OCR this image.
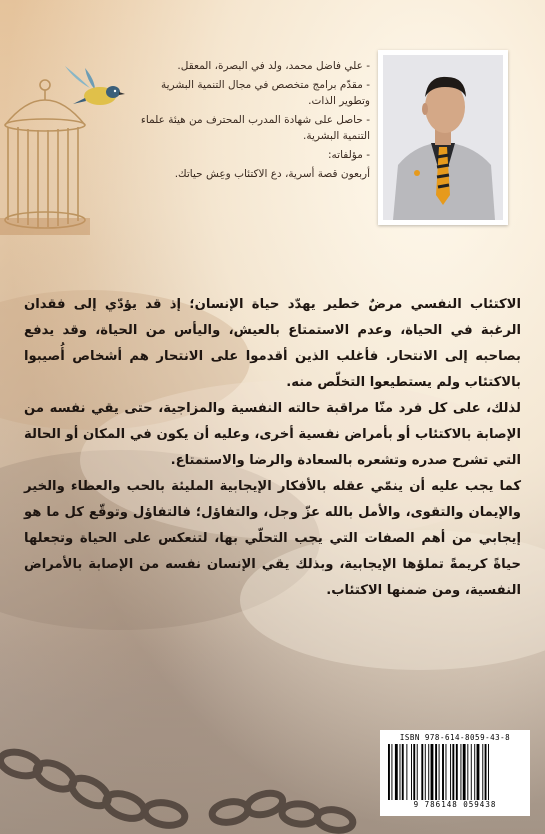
- علي فاضل محمد، ولد في البصرة، المعقل.

- مقدّم برامج متخصص في مجال التنمية البشرية وتطوير الذات.

- حاصل على شهادة المدرب المحترف من هيئة علماء التنمية البشرية.

- مؤلفاته:

أربعون قصة أسرية، دع الاكتئاب وعِش حياتك.

الاكتئاب النفسي مرضٌ خطير يهدّد حياة الإنسان؛ إذ قد يؤدّي إلى فقدان الرغبة في الحياة، وعدم الاستمتاع بالعيش، واليأس من الحياة، وقد يدفع بصاحبه إلى الانتحار. فأغلب الذين أقدموا على الانتحار هم أشخاص أُصيبوا بالاكتئاب ولم يستطيعوا التخلّص منه.

لذلك، على كل فرد منّا مراقبة حالته النفسية والمزاجية، حتى يقي نفسه من الإصابة بالاكتئاب أو بأمراض نفسية أخرى، وعليه أن يكون في المكان أو الحالة التي تشرح صدره وتشعره بالسعادة والرضا والاستمتاع.

كما يجب عليه أن ينمّي عقله بالأفكار الإيجابية المليئة بالحب والعطاء والخير والإيمان والتقوى، والأمل بالله عزّ وجل، والتفاؤل؛ فالتفاؤل وتوقّع كل ما هو إيجابي من أهم الصفات التي يجب التحلّي بها، لتنعكس على الحياة وتجعلها حياةً كريمةً تملؤها الإيجابية، وبذلك يقي الإنسان نفسه من الإصابة بالأمراض النفسية، ومن ضمنها الاكتئاب.

ISBN 978-614-8059-43-8
9 786148 059438
